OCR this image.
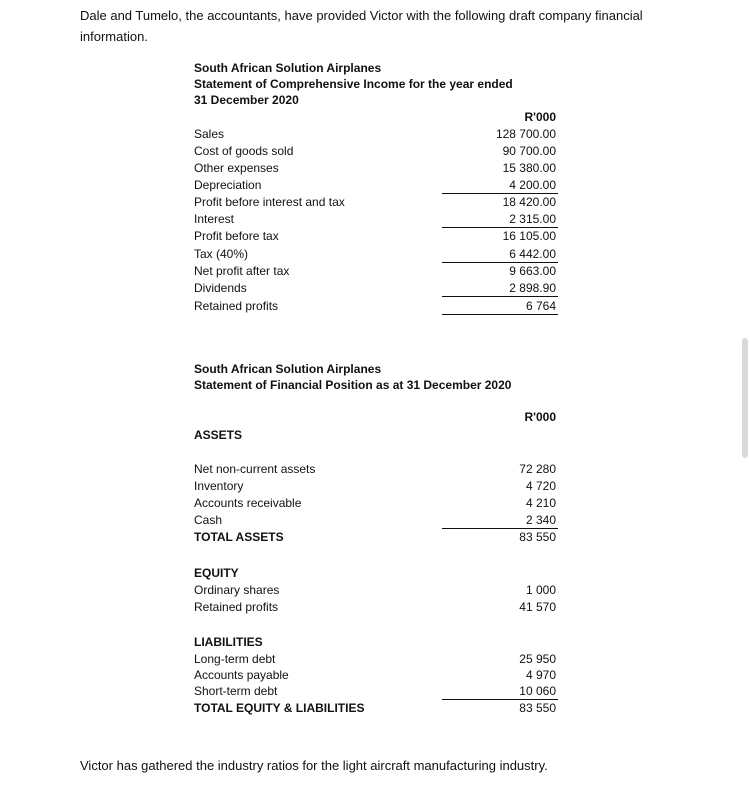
Dale and Tumelo, the accountants, have provided Victor with the following draft company financial information.
South African Solution Airplanes
Statement of Comprehensive Income for the year ended
31 December 2020
R'000
Sales	128 700.00
Cost of goods sold	90 700.00
Other expenses	15 380.00
Depreciation	4 200.00
Profit before interest and tax	18 420.00
Interest	2 315.00
Profit before tax	16 105.00
Tax (40%)	6 442.00
Net profit after tax	9 663.00
Dividends	2 898.90
Retained profits	6 764
South African Solution Airplanes
Statement of Financial Position as at 31 December 2020
R'000
ASSETS
Net non-current assets	72 280
Inventory	4 720
Accounts receivable	4 210
Cash	2 340
TOTAL ASSETS	83 550
EQUITY
Ordinary shares	1 000
Retained profits	41 570
LIABILITIES
Long-term debt	25 950
Accounts payable	4 970
Short-term debt	10 060
TOTAL EQUITY & LIABILITIES	83 550
Victor has gathered the industry ratios for the light aircraft manufacturing industry.
